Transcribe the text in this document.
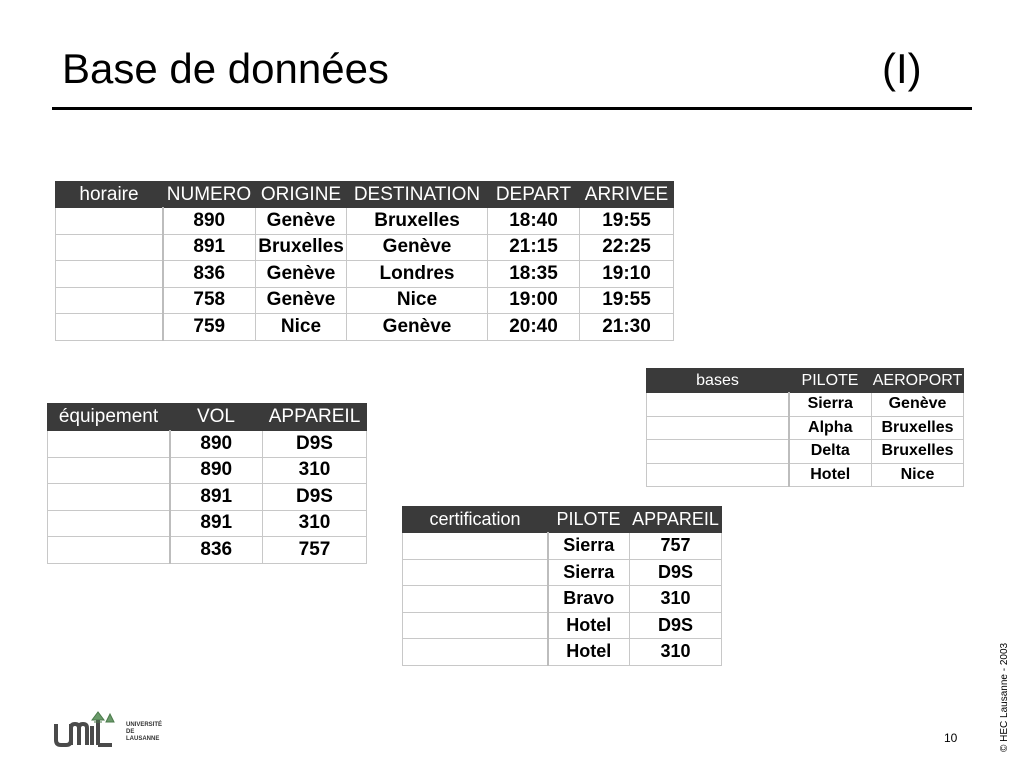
Base de données	(I)
horaire	NUMERO	ORIGINE	DESTINATION	DEPART	ARRIVEE
	890	Genève	Bruxelles	18:40	19:55
	891	Bruxelles	Genève	21:15	22:25
	836	Genève	Londres	18:35	19:10
	758	Genève	Nice	19:00	19:55
	759	Nice	Genève	20:40	21:30
bases	PILOTE	AEROPORT
	Sierra	Genève
	Alpha	Bruxelles
	Delta	Bruxelles
	Hotel	Nice
équipement	VOL	APPAREIL
	890	D9S
	890	310
	891	D9S
	891	310
	836	757
certification	PILOTE	APPAREIL
	Sierra	757
	Sierra	D9S
	Bravo	310
	Hotel	D9S
	Hotel	310
UNIVERSITÉ
DE
LAUSANNE	10	© HEC Lausanne - 2003
